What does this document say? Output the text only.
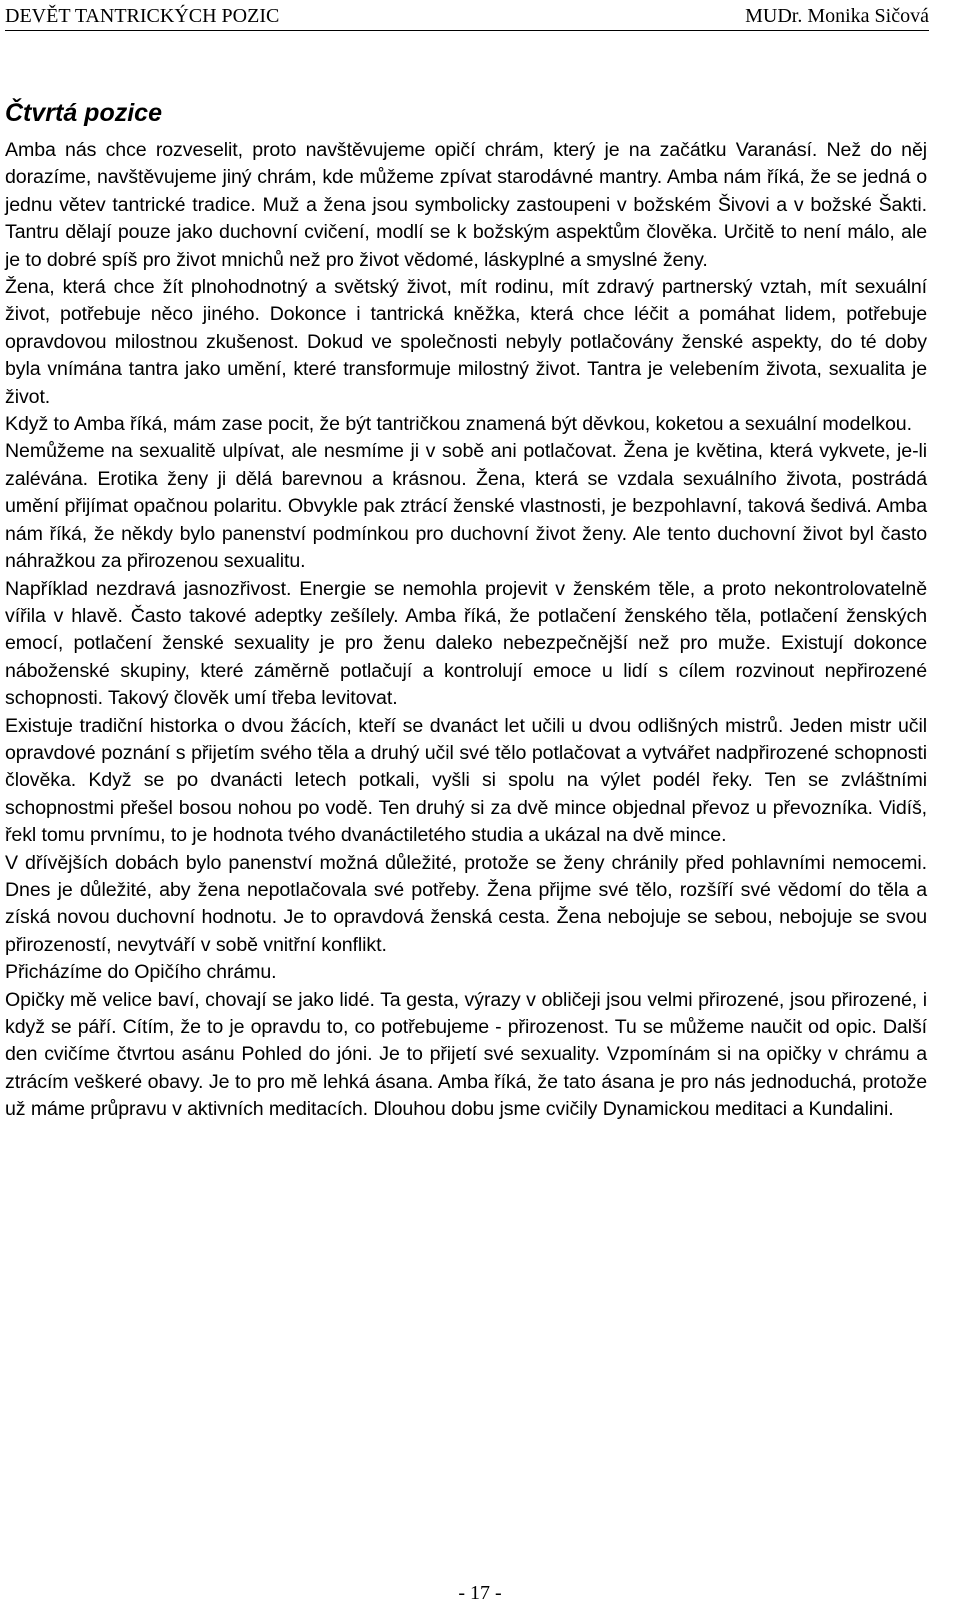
DEVĚT TANTRICKÝCH POZIC	MUDr. Monika Sičová
Čtvrtá pozice

Amba nás chce rozveselit, proto navštěvujeme opičí chrám, který je na začátku Varanásí. Než do něj dorazíme, navštěvujeme jiný chrám, kde můžeme zpívat starodávné mantry. Amba nám říká, že se jedná o jednu větev tantrické tradice. Muž a žena jsou symbolicky zastoupeni v božském Šivovi a v božské Šakti. Tantru dělají pouze jako duchovní cvičení, modlí se k božským aspektům člověka. Určitě to není málo, ale je to dobré spíš pro život mnichů než pro život vědomé, láskyplné a smyslné ženy.

Žena, která chce žít plnohodnotný a světský život, mít rodinu, mít zdravý partnerský vztah, mít sexuální život, potřebuje něco jiného. Dokonce i tantrická kněžka, která chce léčit a pomáhat lidem, potřebuje opravdovou milostnou zkušenost. Dokud ve společnosti nebyly potlačovány ženské aspekty, do té doby byla vnímána tantra jako umění, které transformuje milostný život. Tantra je velebením života, sexualita je život.

Když to Amba říká, mám zase pocit, že být tantričkou znamená být děvkou, koketou a sexuální modelkou.

Nemůžeme na sexualitě ulpívat, ale nesmíme ji v sobě ani potlačovat. Žena je květina, která vykvete, je-li zalévána. Erotika ženy ji dělá barevnou a krásnou. Žena, která se vzdala sexuálního života, postrádá umění přijímat opačnou polaritu. Obvykle pak ztrácí ženské vlastnosti, je bezpohlavní, taková šedivá. Amba nám říká, že někdy bylo panenství podmínkou pro duchovní život ženy. Ale tento duchovní život byl často náhražkou za přirozenou sexualitu.

Například nezdravá jasnozřivost. Energie se nemohla projevit v ženském těle, a proto nekontrolovatelně vířila v hlavě. Často takové adeptky zešílely. Amba říká, že potlačení ženského těla, potlačení ženských emocí, potlačení ženské sexuality je pro ženu daleko nebezpečnější než pro muže. Existují dokonce náboženské skupiny, které záměrně potlačují a kontrolují emoce u lidí s cílem rozvinout nepřirozené schopnosti. Takový člověk umí třeba levitovat.

Existuje tradiční historka o dvou žácích, kteří se dvanáct let učili u dvou odlišných mistrů. Jeden mistr učil opravdové poznání s přijetím svého těla a druhý učil své tělo potlačovat a vytvářet nadpřirozené schopnosti člověka. Když se po dvanácti letech potkali, vyšli si spolu na výlet podél řeky. Ten se zvláštními schopnostmi přešel bosou nohou po vodě. Ten druhý si za dvě mince objednal převoz u převozníka. Vidíš, řekl tomu prvnímu, to je hodnota tvého dvanáctiletého studia a ukázal na dvě mince.

V dřívějších dobách bylo panenství možná důležité, protože se ženy chránily před pohlavními nemocemi. Dnes je důležité, aby žena nepotlačovala své potřeby. Žena přijme své tělo, rozšíří své vědomí do těla a získá novou duchovní hodnotu. Je to opravdová ženská cesta. Žena nebojuje se sebou, nebojuje se svou přirozeností, nevytváří v sobě vnitřní konflikt.

Přicházíme do Opičího chrámu.

Opičky mě velice baví, chovají se jako lidé. Ta gesta, výrazy v obličeji jsou velmi přirozené, jsou přirozené, i když se páří. Cítím, že to je opravdu to, co potřebujeme - přirozenost. Tu se můžeme naučit od opic. Další den cvičíme čtvrtou asánu Pohled do jóni. Je to přijetí své sexuality. Vzpomínám si na opičky v chrámu a ztrácím veškeré obavy. Je to pro mě lehká ásana. Amba říká, že tato ásana je pro nás jednoduchá, protože už máme průpravu v aktivních meditacích. Dlouhou dobu jsme cvičily Dynamickou meditaci a Kundalini.

- 17 -
